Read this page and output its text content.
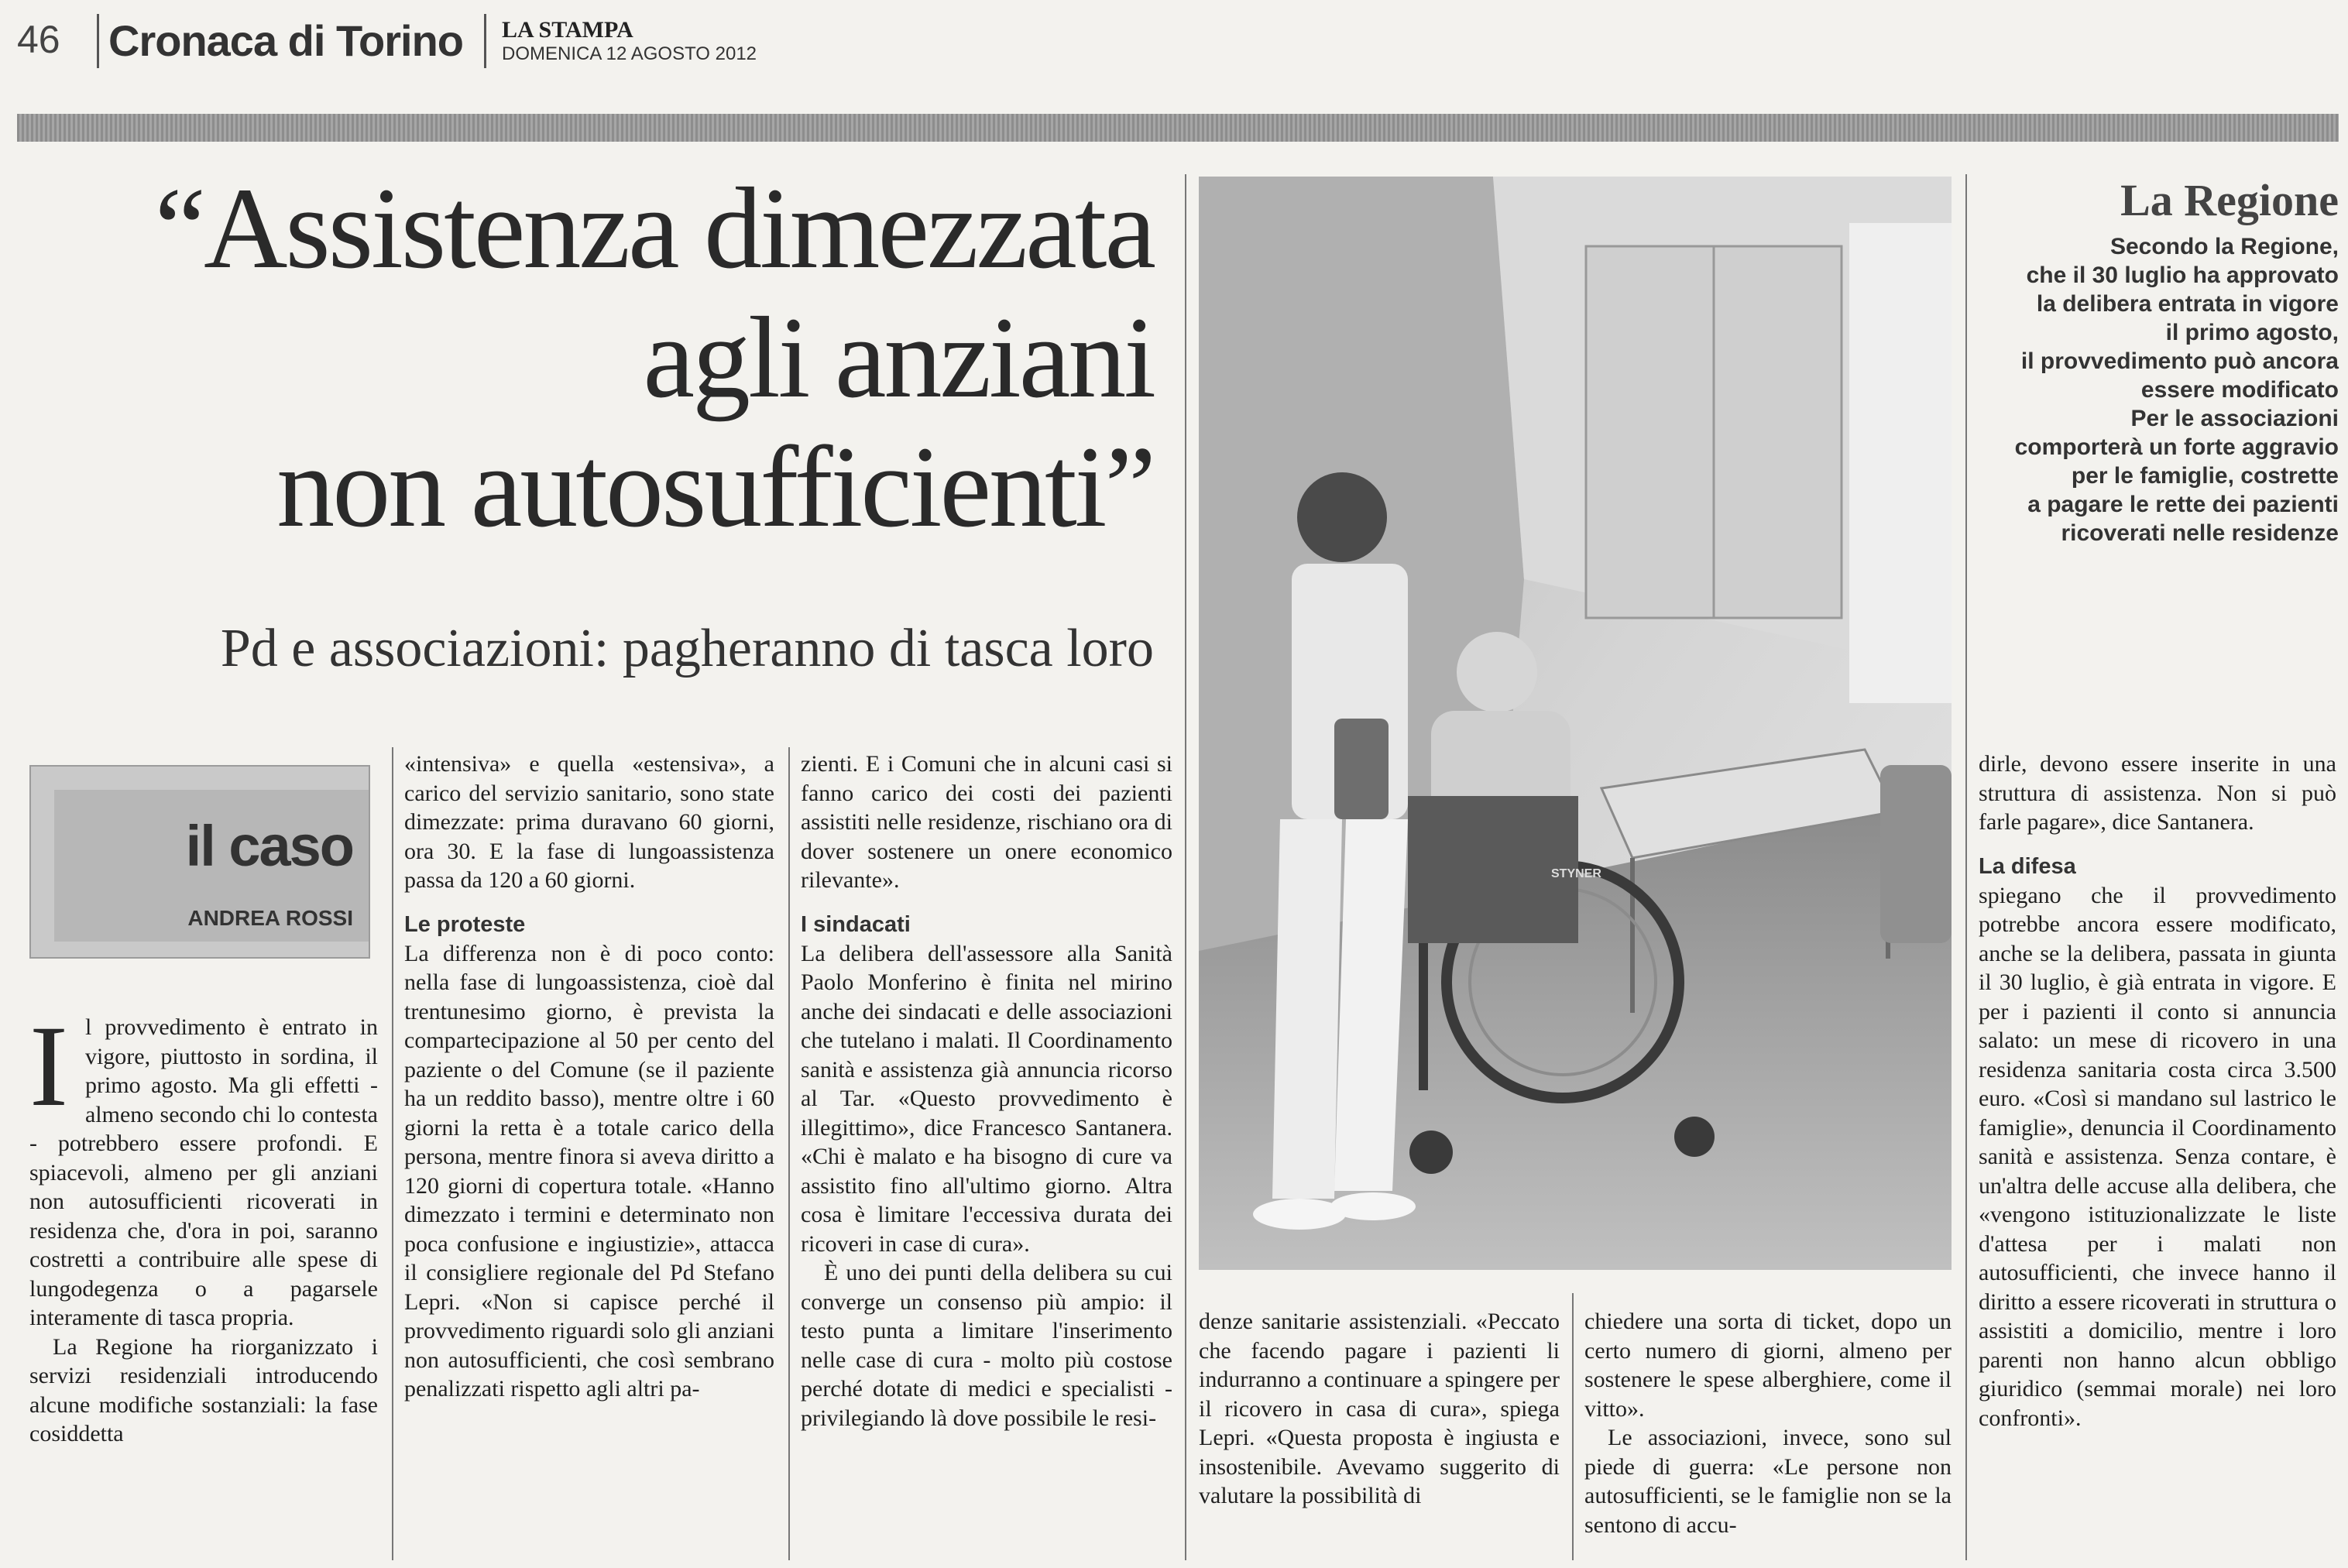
46 Cronaca di Torino LA STAMPA
DOMENICA 12 AGOSTO 2012
“Assistenza dimezzata
agli anziani
non autosufficienti”
Pd e associazioni: pagheranno di tasca loro
STYNER
La Regione
Secondo la Regione,
che il 30 luglio ha approvato
la delibera entrata in vigore
il primo agosto,
il provvedimento può ancora
essere modificato
Per le associazioni
comporterà un forte aggravio
per le famiglie, costrette
a pagare le rette dei pazienti
ricoverati nelle residenze
il caso
ANDREA ROSSI

Il provvedimento è entrato in vigore, piuttosto in sordina, il primo agosto. Ma gli effetti - almeno secondo chi lo contesta - potrebbero essere profondi. E spiacevoli, almeno per gli anziani non autosufficienti ricoverati in residenza che, d'ora in poi, saranno costretti a contribuire alle spese di lungodegenza o a pagarsele interamente di tasca propria.

La Regione ha riorganizzato i servizi residenziali introducendo alcune modifiche sostanziali: la fase cosiddetta

«intensiva» e quella «estensiva», a carico del servizio sanitario, sono state dimezzate: prima duravano 60 giorni, ora 30. E la fase di lungoassistenza passa da 120 a 60 giorni.

Le proteste

La differenza non è di poco conto: nella fase di lungoassistenza, cioè dal trentunesimo giorno, è prevista la compartecipazione al 50 per cento del paziente o del Comune (se il paziente ha un reddito basso), mentre oltre i 60 giorni la retta è a totale carico della persona, mentre finora si aveva diritto a 120 giorni di copertura totale. «Hanno dimezzato i termini e determinato non poca confusione e ingiustizie», attacca il consigliere regionale del Pd Stefano Lepri. «Non si capisce perché il provvedimento riguardi solo gli anziani non autosufficienti, che così sembrano penalizzati rispetto agli altri pa-

zienti. E i Comuni che in alcuni casi si fanno carico dei costi dei pazienti assistiti nelle residenze, rischiano ora di dover sostenere un onere economico rilevante».

I sindacati

La delibera dell'assessore alla Sanità Paolo Monferino è finita nel mirino anche dei sindacati e delle associazioni che tutelano i malati. Il Coordinamento sanità e assistenza già annuncia ricorso al Tar. «Questo provvedimento è illegittimo», dice Francesco Santanera. «Chi è malato e ha bisogno di cure va assistito fino all'ultimo giorno. Altra cosa è limitare l'eccessiva durata dei ricoveri in case di cura».

È uno dei punti della delibera su cui converge un consenso più ampio: il testo punta a limitare l'inserimento nelle case di cura - molto più costose perché dotate di medici e specialisti - privilegiando là dove possibile le resi-

denze sanitarie assistenziali. «Peccato che facendo pagare i pazienti li indurranno a continuare a spingere per il ricovero in casa di cura», spiega Lepri. «Questa proposta è ingiusta e insostenibile. Avevamo suggerito di valutare la possibilità di

chiedere una sorta di ticket, dopo un certo numero di giorni, almeno per sostenere le spese alberghiere, come il vitto».

Le associazioni, invece, sono sul piede di guerra: «Le persone non autosufficienti, se le famiglie non se la sentono di accu-

dirle, devono essere inserite in una struttura di assistenza. Non si può farle pagare», dice Santanera.

La difesa

spiegano che il provvedimento potrebbe ancora essere modificato, anche se la delibera, passata in giunta il 30 luglio, è già entrata in vigore. E per i pazienti il conto si annuncia salato: un mese di ricovero in una residenza sanitaria costa circa 3.500 euro. «Così si mandano sul lastrico le famiglie», denuncia il Coordinamento sanità e assistenza. Senza contare, è un'altra delle accuse alla delibera, che «vengono istituzionalizzate le liste d'attesa per i malati non autosufficienti, che invece hanno il diritto a essere ricoverati in struttura o assistiti a domicilio, mentre i loro parenti non hanno alcun obbligo giuridico (semmai morale) nei loro confronti».
